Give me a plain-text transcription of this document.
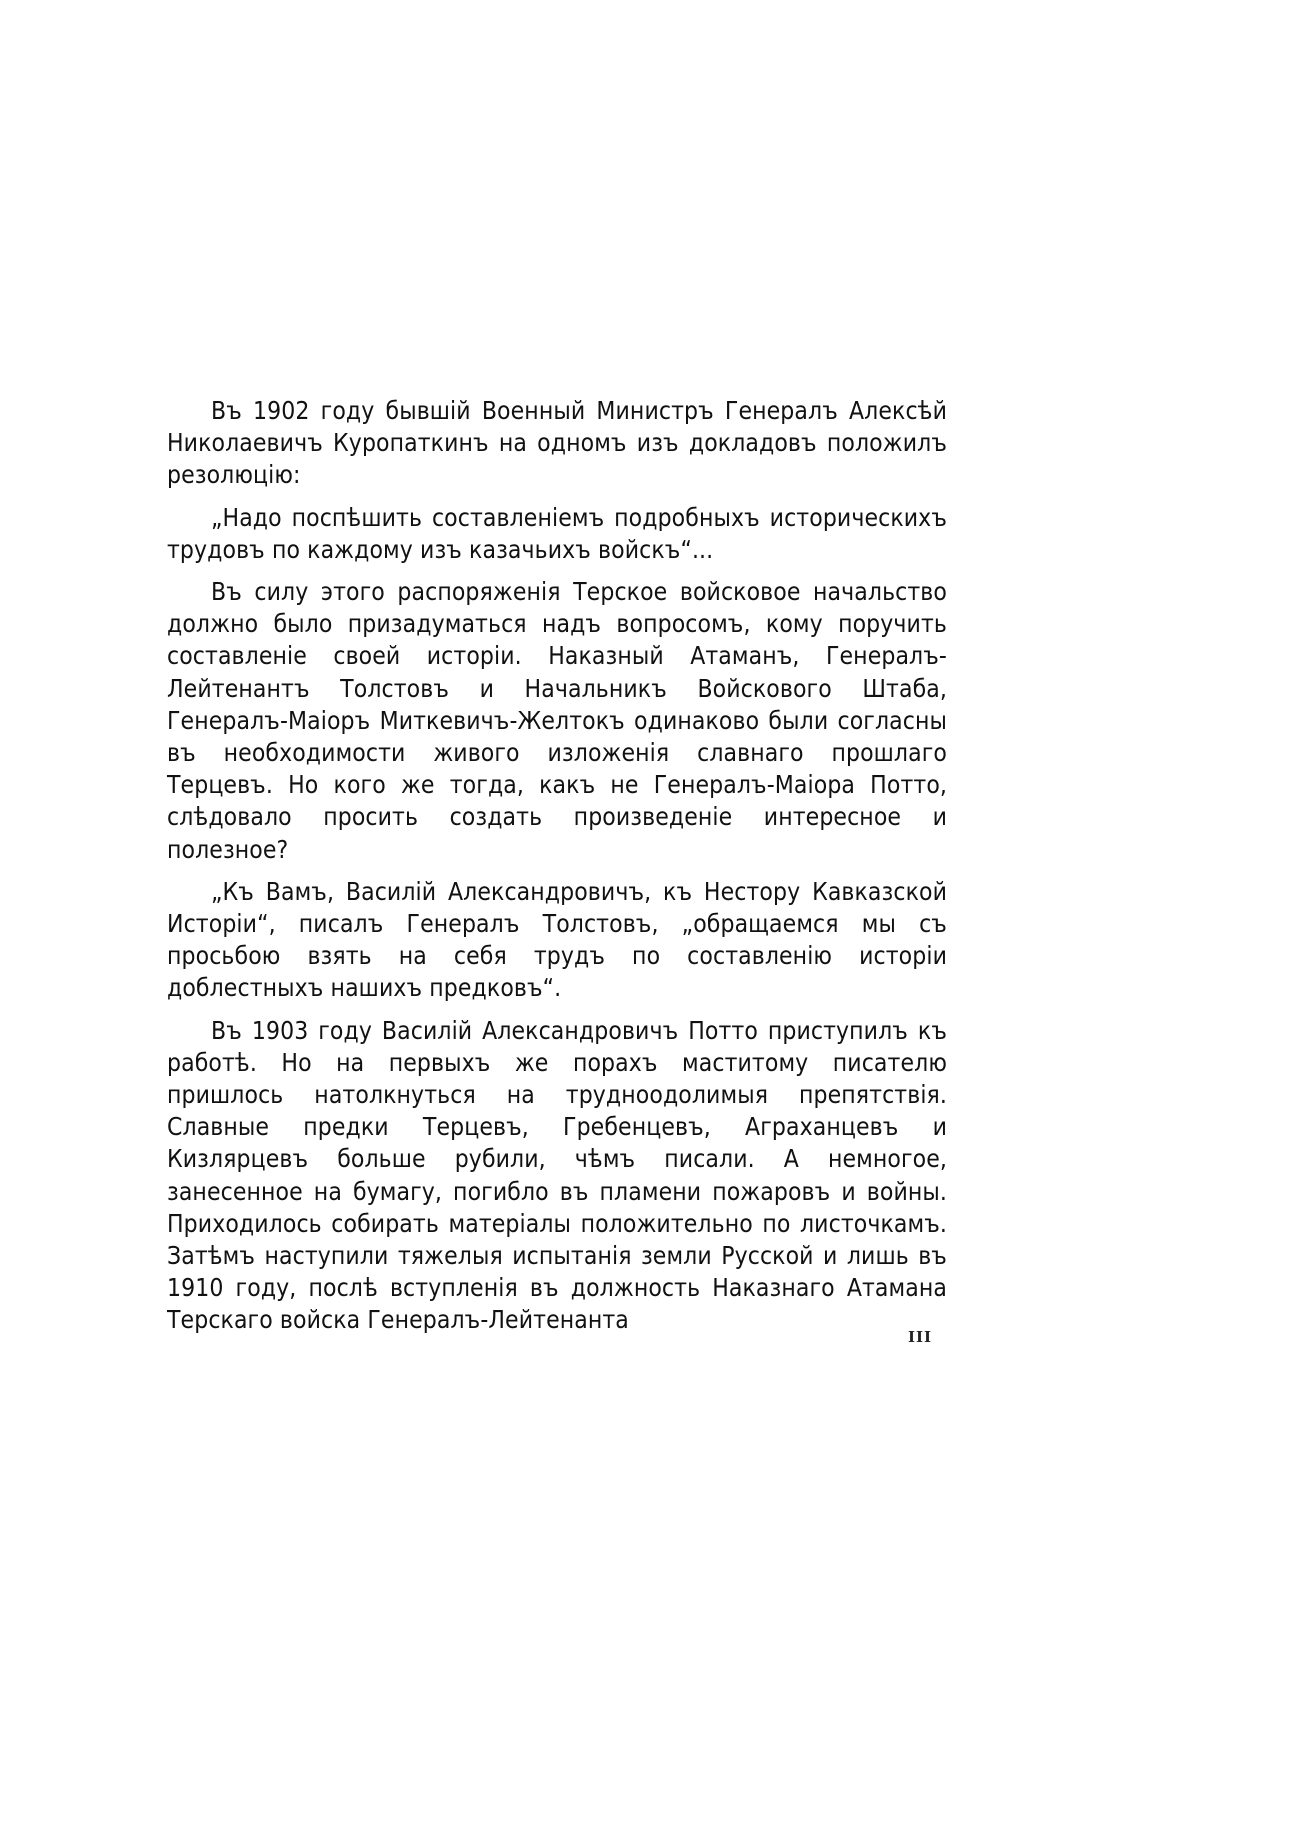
Въ 1902 году бывшій Военный Министръ Генералъ Алексѣй Николаевичъ Куропаткинъ на одномъ изъ докладовъ положилъ резолюцію:

„Надо поспѣшить составленіемъ подробныхъ историческихъ трудовъ по каждому изъ казачьихъ войскъ“...

Въ силу этого распоряженія Терское войсковое начальство должно было призадуматься надъ вопросомъ, кому поручить составленіе своей исторіи. Наказный Атаманъ, Генералъ-Лейтенантъ Толстовъ и Начальникъ Войскового Штаба, Генералъ-Маіоръ Миткевичъ-Желтокъ одинаково были согласны въ необходимости живого изложенія славнаго прошлаго Терцевъ. Но кого же тогда, какъ не Генералъ-Маіора Потто, слѣдовало просить создать произведеніе интересное и полезное?

„Къ Вамъ, Василій Александровичъ, къ Нестору Кавказской Исторіи“, писалъ Генералъ Толстовъ, „обращаемся мы съ просьбою взять на себя трудъ по составленію исторіи доблестныхъ нашихъ предковъ“.

Въ 1903 году Василій Александровичъ Потто приступилъ къ работѣ. Но на первыхъ же порахъ маститому писателю пришлось натолкнуться на трудноодолимыя препятствія. Славные предки Терцевъ, Гребенцевъ, Аграханцевъ и Кизлярцевъ больше рубили, чѣмъ писали. А немногое, занесенное на бумагу, погибло въ пламени пожаровъ и войны. Приходилось собирать матеріалы положительно по листочкамъ. Затѣмъ наступили тяжелыя испытанія земли Русской и лишь въ 1910 году, послѣ вступленія въ должность Наказнаго Атамана Терскаго войска Генералъ-Лейтенанта

III
